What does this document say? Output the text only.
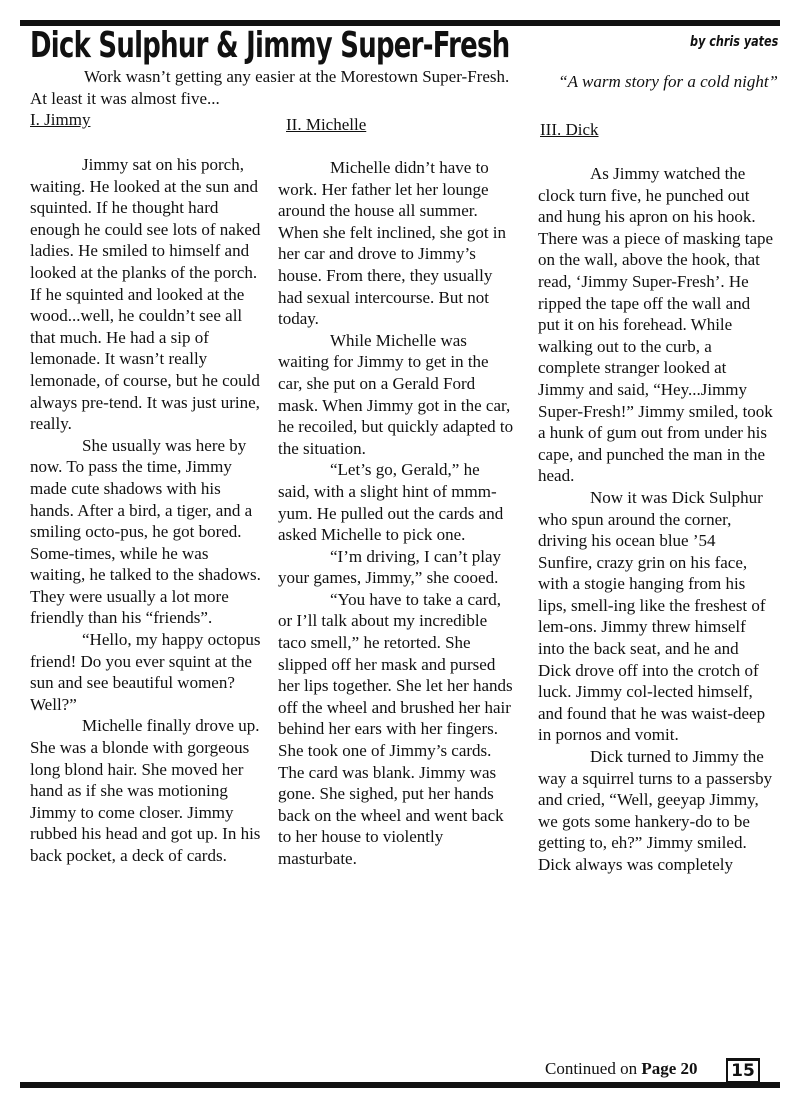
Dick Sulphur & Jimmy Super-Fresh	by chris yates

Work wasn’t getting any easier at the Morestown Super-Fresh. At least it was almost five...

“A warm story for a cold night”
I. Jimmy	II. Michelle	III. Dick

Jimmy sat on his porch, waiting. He looked at the sun and squinted. If he thought hard enough he could see lots of naked ladies. He smiled to himself and looked at the planks of the porch. If he squinted and looked at the wood...well, he couldn’t see all that much. He had a sip of lemonade. It wasn’t really lemonade, of course, but he could always pre-tend. It was just urine, really.

She usually was here by now. To pass the time, Jimmy made cute shadows with his hands. After a bird, a tiger, and a smiling octo-pus, he got bored. Some-times, while he was waiting, he talked to the shadows. They were usually a lot more friendly than his “friends”.

“Hello, my happy octopus friend! Do you ever squint at the sun and see beautiful women? Well?”

Michelle finally drove up. She was a blonde with gorgeous long blond hair. She moved her hand as if she was motioning Jimmy to come closer. Jimmy rubbed his head and got up. In his back pocket, a deck of cards.

Michelle didn’t have to work. Her father let her lounge around the house all summer. When she felt inclined, she got in her car and drove to Jimmy’s house. From there, they usually had sexual intercourse. But not today.

While Michelle was waiting for Jimmy to get in the car, she put on a Gerald Ford mask. When Jimmy got in the car, he recoiled, but quickly adapted to the situation.

“Let’s go, Gerald,” he said, with a slight hint of mmm-yum. He pulled out the cards and asked Michelle to pick one.

“I’m driving, I can’t play your games, Jimmy,” she cooed.

“You have to take a card, or I’ll talk about my incredible taco smell,” he retorted. She slipped off her mask and pursed her lips together. She let her hands off the wheel and brushed her hair behind her ears with her fingers. She took one of Jimmy’s cards. The card was blank. Jimmy was gone. She sighed, put her hands back on the wheel and went back to her house to violently masturbate.

As Jimmy watched the clock turn five, he punched out and hung his apron on his hook. There was a piece of masking tape on the wall, above the hook, that read, ‘Jimmy Super-Fresh’. He ripped the tape off the wall and put it on his forehead. While walking out to the curb, a complete stranger looked at Jimmy and said, “Hey...Jimmy Super-Fresh!” Jimmy smiled, took a hunk of gum out from under his cape, and punched the man in the head.

Now it was Dick Sulphur who spun around the corner, driving his ocean blue ’54 Sunfire, crazy grin on his face, with a stogie hanging from his lips, smell-ing like the freshest of lem-ons. Jimmy threw himself into the back seat, and he and Dick drove off into the crotch of luck. Jimmy col-lected himself, and found that he was waist-deep in pornos and vomit.

Dick turned to Jimmy the way a squirrel turns to a passersby and cried, “Well, geeyap Jimmy, we gots some hankery-do to be getting to, eh?” Jimmy smiled. Dick always was completely

Continued on Page 20	15
